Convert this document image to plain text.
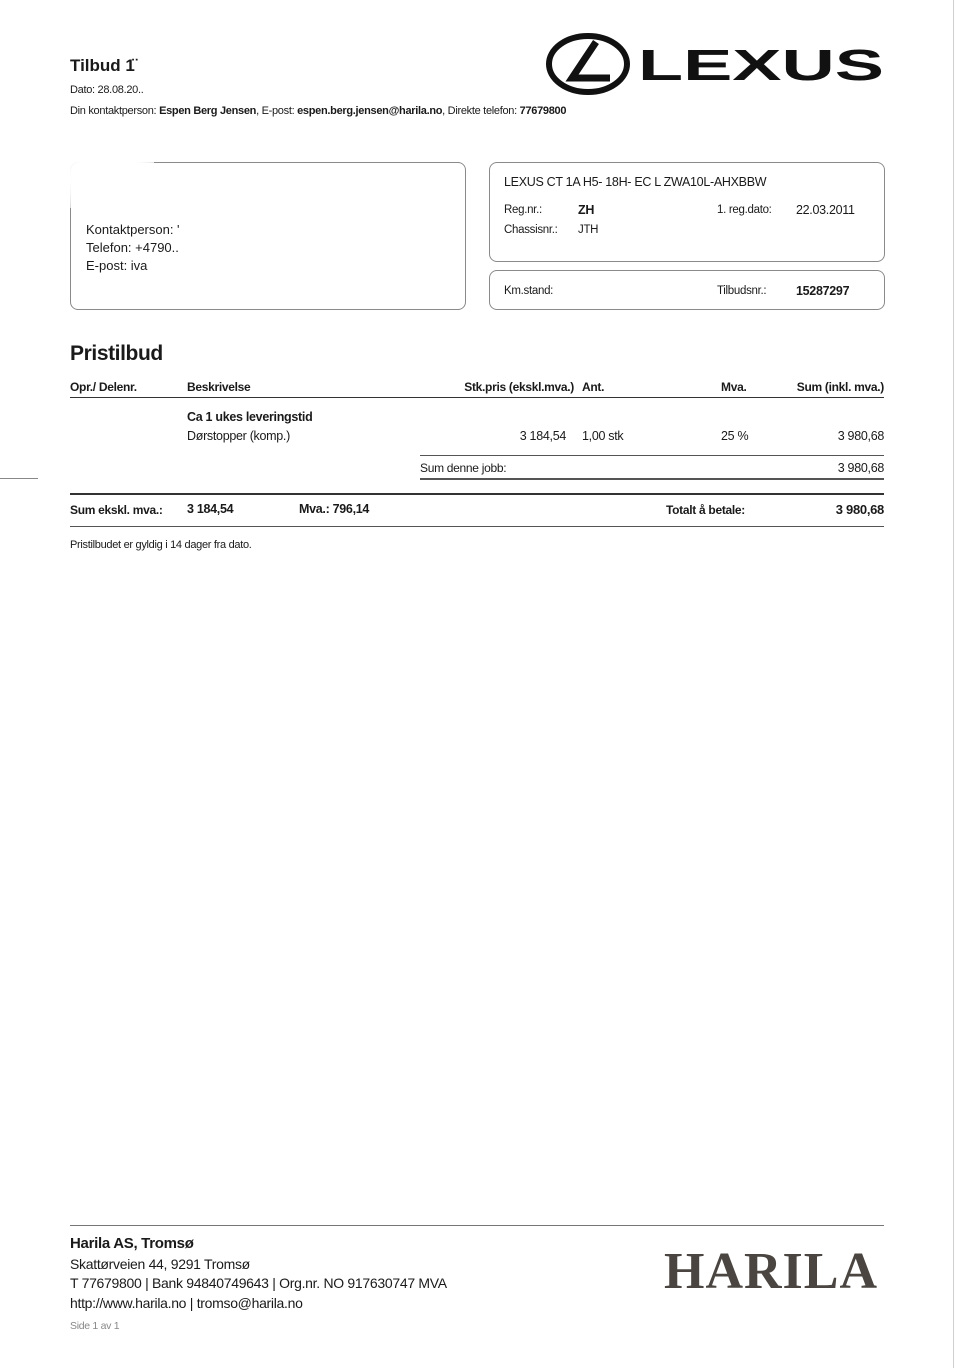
Tilbud 1̈
Dato: 28.08.20..
Din kontaktperson: Espen Berg Jensen, E-post: espen.berg.jensen@harila.no, Direkte telefon: 77679800
LEXUS
Kontaktperson: '
Telefon: +4790..
E-post: iva
LEXUS CT 1A H5- 18H- EC L ZWA10L-AHXBBW
Reg.nr.:	ZH	1. reg.dato: 22.03.2011
Chassisnr.: JTH
Km.stand:	Tilbudsnr.: 15287297
Pristilbud
Opr./ Delenr.	Beskrivelse	Stk.pris (ekskl.mva.) Ant.	Mva.	Sum (inkl. mva.)
Ca 1 ukes leveringstid
Dørstopper (komp.)	3 184,54 1,00 stk	25 %	3 980,68
Sum denne jobb:	3 980,68
Sum ekskl. mva.: 3 184,54	Mva.: 796,14	Totalt å betale:	3 980,68
Pristilbudet er gyldig i 14 dager fra dato.
Harila AS, Tromsø
Skattørveien 44, 9291 Tromsø
T 77679800 | Bank 94840749643 | Org.nr. NO 917630747 MVA
http://www.harila.no | tromso@harila.no
Side 1 av 1
HARILA
